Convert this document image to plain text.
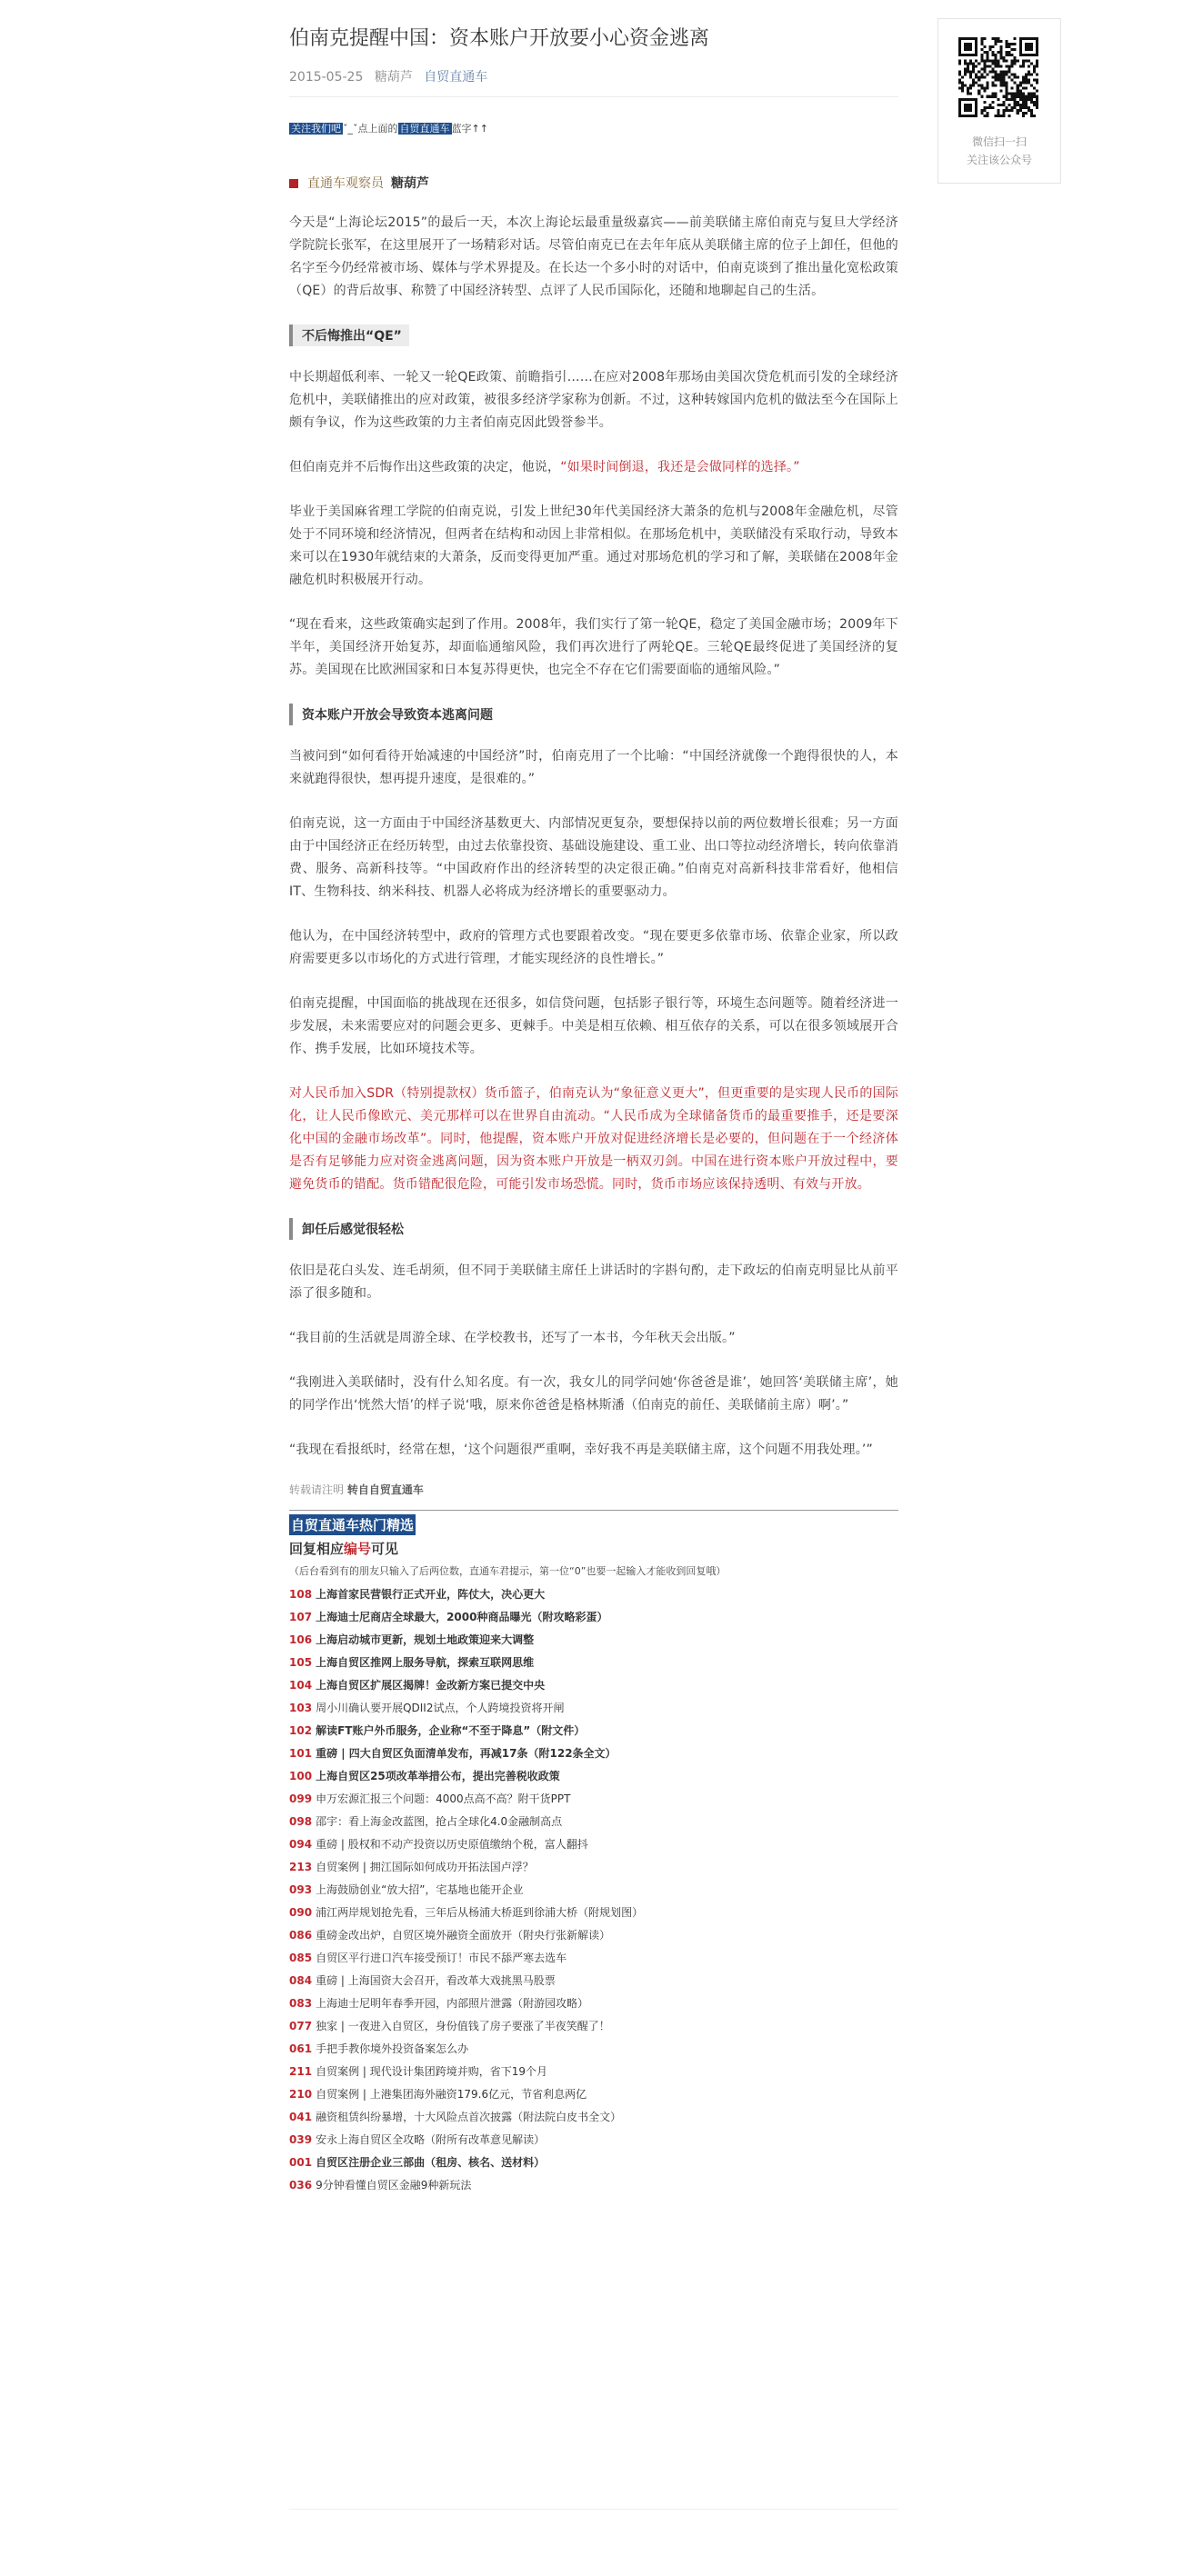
伯南克提醒中国：资本账户开放要小心资金逃离
2015-05-25 糖葫芦 自贸直通车
关注我们吧 ˇ_ˇ点上面的 自贸直通车 蓝字↑↑
直通车观察员 糖葫芦

今天是“上海论坛2015”的最后一天，本次上海论坛最重量级嘉宾——前美联储主席伯南克与复旦大学经济学院院长张军，在这里展开了一场精彩对话。尽管伯南克已在去年年底从美联储主席的位子上卸任，但他的名字至今仍经常被市场、媒体与学术界提及。在长达一个多小时的对话中，伯南克谈到了推出量化宽松政策（QE）的背后故事、称赞了中国经济转型、点评了人民币国际化，还随和地聊起自己的生活。

不后悔推出“QE”

中长期超低利率、一轮又一轮QE政策、前瞻指引……在应对2008年那场由美国次贷危机而引发的全球经济危机中，美联储推出的应对政策，被很多经济学家称为创新。不过，这种转嫁国内危机的做法至今在国际上颇有争议，作为这些政策的力主者伯南克因此毁誉参半。

但伯南克并不后悔作出这些政策的决定，他说，“如果时间倒退，我还是会做同样的选择。”

毕业于美国麻省理工学院的伯南克说，引发上世纪30年代美国经济大萧条的危机与2008年金融危机，尽管处于不同环境和经济情况，但两者在结构和动因上非常相似。在那场危机中，美联储没有采取行动，导致本来可以在1930年就结束的大萧条，反而变得更加严重。通过对那场危机的学习和了解，美联储在2008年金融危机时积极展开行动。

“现在看来，这些政策确实起到了作用。2008年，我们实行了第一轮QE，稳定了美国金融市场；2009年下半年，美国经济开始复苏，却面临通缩风险，我们再次进行了两轮QE。三轮QE最终促进了美国经济的复苏。美国现在比欧洲国家和日本复苏得更快，也完全不存在它们需要面临的通缩风险。”

资本账户开放会导致资本逃离问题

当被问到“如何看待开始减速的中国经济”时，伯南克用了一个比喻：“中国经济就像一个跑得很快的人，本来就跑得很快，想再提升速度，是很难的。”

伯南克说，这一方面由于中国经济基数更大、内部情况更复杂，要想保持以前的两位数增长很难；另一方面由于中国经济正在经历转型，由过去依靠投资、基础设施建设、重工业、出口等拉动经济增长，转向依靠消费、服务、高新科技等。“中国政府作出的经济转型的决定很正确。”伯南克对高新科技非常看好，他相信IT、生物科技、纳米科技、机器人必将成为经济增长的重要驱动力。

他认为，在中国经济转型中，政府的管理方式也要跟着改变。“现在要更多依靠市场、依靠企业家，所以政府需要更多以市场化的方式进行管理，才能实现经济的良性增长。”

伯南克提醒，中国面临的挑战现在还很多，如信贷问题，包括影子银行等，环境生态问题等。随着经济进一步发展，未来需要应对的问题会更多、更棘手。中美是相互依赖、相互依存的关系，可以在很多领域展开合作、携手发展，比如环境技术等。

对人民币加入SDR（特别提款权）货币篮子，伯南克认为“象征意义更大”，但更重要的是实现人民币的国际化，让人民币像欧元、美元那样可以在世界自由流动。“人民币成为全球储备货币的最重要推手，还是要深化中国的金融市场改革”。同时，他提醒，资本账户开放对促进经济增长是必要的，但问题在于一个经济体是否有足够能力应对资金逃离问题，因为资本账户开放是一柄双刃剑。中国在进行资本账户开放过程中，要避免货币的错配。货币错配很危险，可能引发市场恐慌。同时，货币市场应该保持透明、有效与开放。

卸任后感觉很轻松

依旧是花白头发、连毛胡须，但不同于美联储主席任上讲话时的字斟句酌，走下政坛的伯南克明显比从前平添了很多随和。

“我目前的生活就是周游全球、在学校教书，还写了一本书，今年秋天会出版。”

“我刚进入美联储时，没有什么知名度。有一次，我女儿的同学问她‘你爸爸是谁’，她回答‘美联储主席’，她的同学作出‘恍然大悟’的样子说‘哦，原来你爸爸是格林斯潘（伯南克的前任、美联储前主席）啊’。”

“我现在看报纸时，经常在想，‘这个问题很严重啊，幸好我不再是美联储主席，这个问题不用我处理。’”

转载请注明 转自自贸直通车
自贸直通车热门精选
回复相应编号可见
（后台看到有的朋友只输入了后两位数，直通车君提示，第一位“0”也要一起输入才能收到回复哦）
108 上海首家民营银行正式开业，阵仗大，决心更大
107 上海迪士尼商店全球最大，2000种商品曝光（附攻略彩蛋）
106 上海启动城市更新，规划土地政策迎来大调整
105 上海自贸区推网上服务导航，探索互联网思维
104 上海自贸区扩展区揭牌！金改新方案已提交中央
103 周小川确认要开展QDII2试点，个人跨境投资将开闸
102 解读FT账户外币服务，企业称“不至于降息”（附文件）
101 重磅 | 四大自贸区负面清单发布，再减17条（附122条全文）
100 上海自贸区25项改革举措公布，提出完善税收政策
099 申万宏源汇报三个问题：4000点高不高？附干货PPT
098 邵宇：看上海金改蓝图，抢占全球化4.0金融制高点
094 重磅 | 股权和不动产投资以历史原值缴纳个税，富人翻抖
213 自贸案例 | 拥江国际如何成功开拓法国卢浮？
093 上海鼓励创业“放大招”，宅基地也能开企业
090 浦江两岸规划抢先看，三年后从杨浦大桥逛到徐浦大桥（附规划图）
086 重磅金改出炉，自贸区境外融资全面放开（附央行张新解读）
085 自贸区平行进口汽车接受预订！市民不舔严寒去选车
084 重磅 | 上海国资大会召开，看改革大戏挑黑马股票
083 上海迪士尼明年春季开园，内部照片泄露（附游园攻略）
077 独家 | 一夜进入自贸区，身份值钱了房子要涨了半夜笑醒了！
061 手把手教你境外投资备案怎么办
211 自贸案例 | 现代设计集团跨境并购，省下19个月
210 自贸案例 | 上港集团海外融资179.6亿元，节省利息两亿
041 融资租赁纠纷暴增，十大风险点首次披露（附法院白皮书全文）
039 安永上海自贸区全攻略（附所有改革意见解读）
001 自贸区注册企业三部曲（租房、核名、送材料）
036 9分钟看懂自贸区金融9种新玩法
微信扫一扫
关注该公众号
